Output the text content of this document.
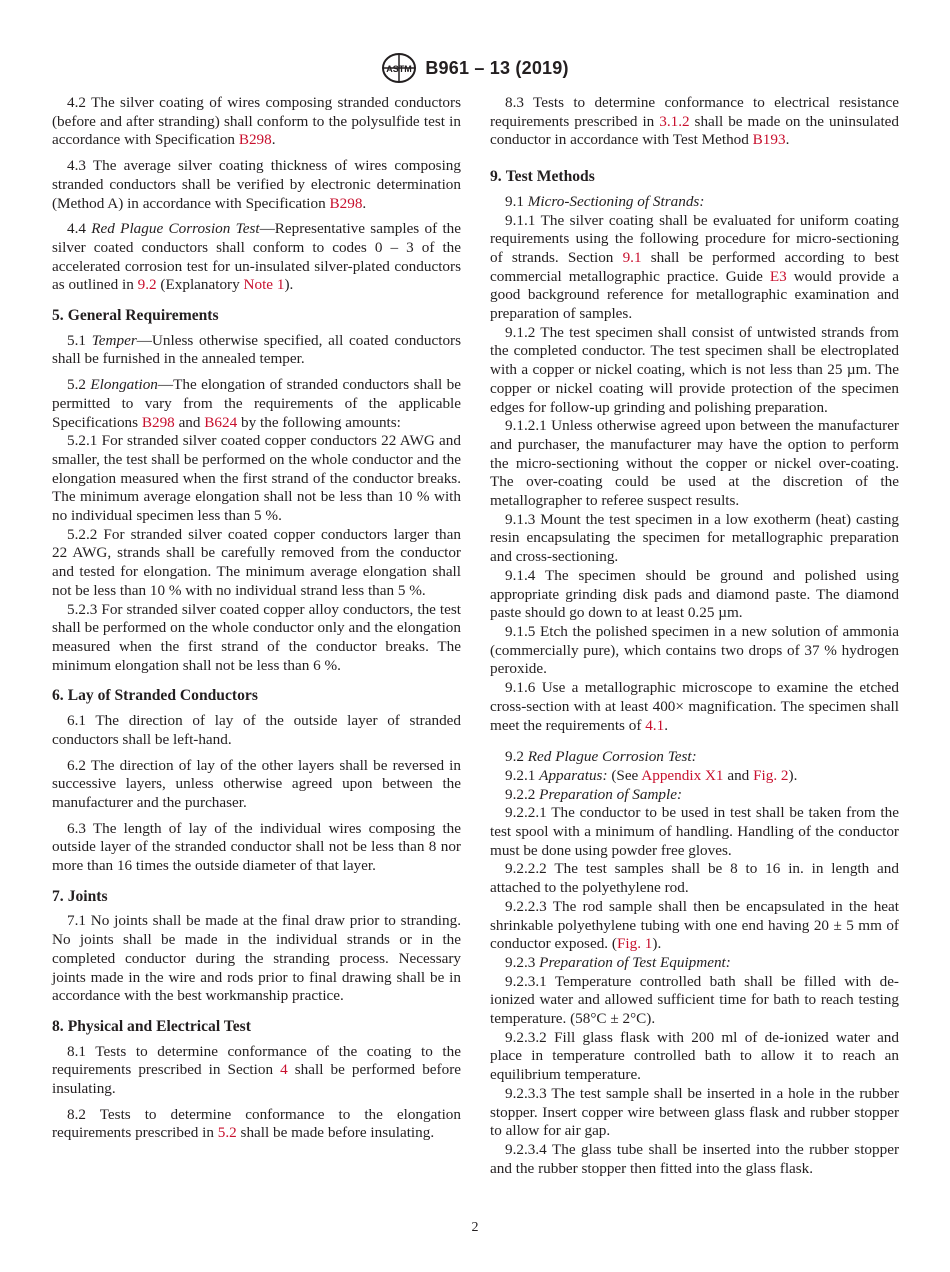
ASTM B961 – 13 (2019)

4.2 The silver coating of wires composing stranded conductors (before and after stranding) shall conform to the polysulfide test in accordance with Specification B298.

4.3 The average silver coating thickness of wires composing stranded conductors shall be verified by electronic determination (Method A) in accordance with Specification B298.

4.4 Red Plague Corrosion Test—Representative samples of the silver coated conductors shall conform to codes 0 – 3 of the accelerated corrosion test for un-insulated silver-plated conductors as outlined in 9.2 (Explanatory Note 1).

5. General Requirements

5.1 Temper—Unless otherwise specified, all coated conductors shall be furnished in the annealed temper.

5.2 Elongation—The elongation of stranded conductors shall be permitted to vary from the requirements of the applicable Specifications B298 and B624 by the following amounts:

5.2.1 For stranded silver coated copper conductors 22 AWG and smaller, the test shall be performed on the whole conductor and the elongation measured when the first strand of the conductor breaks. The minimum average elongation shall not be less than 10 % with no individual specimen less than 5 %.

5.2.2 For stranded silver coated copper conductors larger than 22 AWG, strands shall be carefully removed from the conductor and tested for elongation. The minimum average elongation shall not be less than 10 % with no individual strand less than 5 %.

5.2.3 For stranded silver coated copper alloy conductors, the test shall be performed on the whole conductor only and the elongation measured when the first strand of the conductor breaks. The minimum elongation shall not be less than 6 %.

6. Lay of Stranded Conductors

6.1 The direction of lay of the outside layer of stranded conductors shall be left-hand.

6.2 The direction of lay of the other layers shall be reversed in successive layers, unless otherwise agreed upon between the manufacturer and the purchaser.

6.3 The length of lay of the individual wires composing the outside layer of the stranded conductor shall not be less than 8 nor more than 16 times the outside diameter of that layer.

7. Joints

7.1 No joints shall be made at the final draw prior to stranding. No joints shall be made in the individual strands or in the completed conductor during the stranding process. Necessary joints made in the wire and rods prior to final drawing shall be in accordance with the best workmanship practice.

8. Physical and Electrical Test

8.1 Tests to determine conformance of the coating to the requirements prescribed in Section 4 shall be performed before insulating.

8.2 Tests to determine conformance to the elongation requirements prescribed in 5.2 shall be made before insulating.

8.3 Tests to determine conformance to electrical resistance requirements prescribed in 3.1.2 shall be made on the uninsulated conductor in accordance with Test Method B193.

9. Test Methods

9.1 Micro-Sectioning of Strands:

9.1.1 The silver coating shall be evaluated for uniform coating requirements using the following procedure for micro-sectioning of strands. Section 9.1 shall be performed according to best commercial metallographic practice. Guide E3 would provide a good background reference for metallographic examination and preparation of samples.

9.1.2 The test specimen shall consist of untwisted strands from the completed conductor. The test specimen shall be electroplated with a copper or nickel coating, which is not less than 25 µm. The copper or nickel coating will provide protection of the specimen edges for follow-up grinding and polishing preparation.

9.1.2.1 Unless otherwise agreed upon between the manufacturer and purchaser, the manufacturer may have the option to perform the micro-sectioning without the copper or nickel over-coating. The over-coating could be used at the discretion of the metallographer to referee suspect results.

9.1.3 Mount the test specimen in a low exotherm (heat) casting resin encapsulating the specimen for metallographic preparation and cross-sectioning.

9.1.4 The specimen should be ground and polished using appropriate grinding disk pads and diamond paste. The diamond paste should go down to at least 0.25 µm.

9.1.5 Etch the polished specimen in a new solution of ammonia (commercially pure), which contains two drops of 37 % hydrogen peroxide.

9.1.6 Use a metallographic microscope to examine the etched cross-section with at least 400× magnification. The specimen shall meet the requirements of 4.1.

9.2 Red Plague Corrosion Test:

9.2.1 Apparatus: (See Appendix X1 and Fig. 2).

9.2.2 Preparation of Sample:

9.2.2.1 The conductor to be used in test shall be taken from the test spool with a minimum of handling. Handling of the conductor must be done using powder free gloves.

9.2.2.2 The test samples shall be 8 to 16 in. in length and attached to the polyethylene rod.

9.2.2.3 The rod sample shall then be encapsulated in the heat shrinkable polyethylene tubing with one end having 20 ± 5 mm of conductor exposed. (Fig. 1).

9.2.3 Preparation of Test Equipment:

9.2.3.1 Temperature controlled bath shall be filled with de-ionized water and allowed sufficient time for bath to reach testing temperature. (58°C ± 2°C).

9.2.3.2 Fill glass flask with 200 ml of de-ionized water and place in temperature controlled bath to allow it to reach an equilibrium temperature.

9.2.3.3 The test sample shall be inserted in a hole in the rubber stopper. Insert copper wire between glass flask and rubber stopper to allow for air gap.

9.2.3.4 The glass tube shall be inserted into the rubber stopper and the rubber stopper then fitted into the glass flask.

2
